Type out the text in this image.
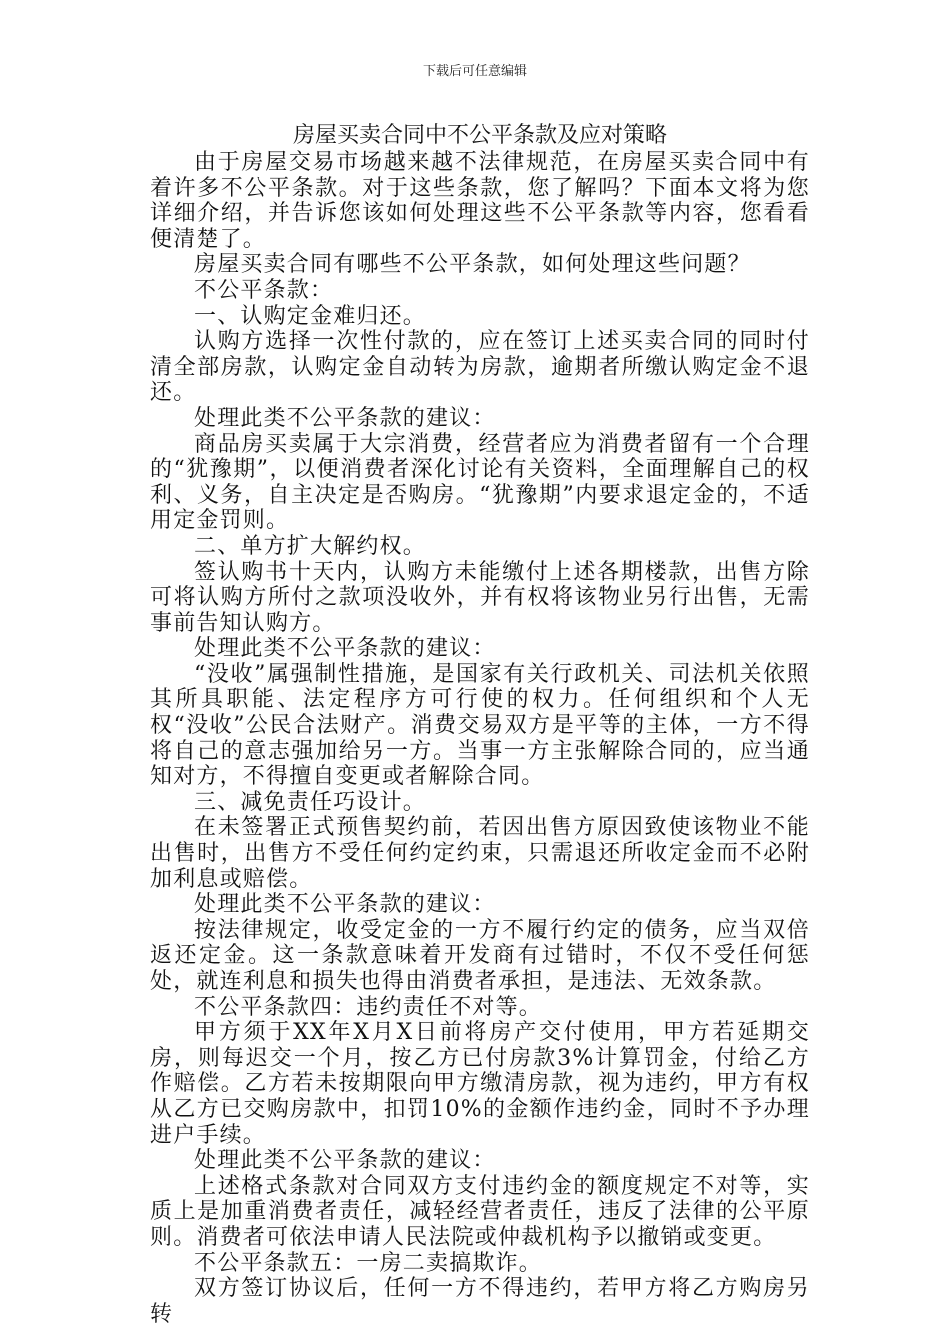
下载后可任意编辑
房屋买卖合同中不公平条款及应对策略

由于房屋交易市场越来越不法律规范，在房屋买卖合同中有着许多不公平条款。对于这些条款，您了解吗？下面本文将为您详细介绍，并告诉您该如何处理这些不公平条款等内容，您看看便清楚了。

房屋买卖合同有哪些不公平条款，如何处理这些问题？

不公平条款：

一、认购定金难归还。

认购方选择一次性付款的，应在签订上述买卖合同的同时付清全部房款，认购定金自动转为房款，逾期者所缴认购定金不退还。

处理此类不公平条款的建议：

商品房买卖属于大宗消费，经营者应为消费者留有一个合理的“犹豫期”，以便消费者深化讨论有关资料，全面理解自己的权利、义务，自主决定是否购房。“犹豫期”内要求退定金的，不适用定金罚则。

二、单方扩大解约权。

签认购书十天内，认购方未能缴付上述各期楼款，出售方除可将认购方所付之款项没收外，并有权将该物业另行出售，无需事前告知认购方。

处理此类不公平条款的建议：

“没收”属强制性措施，是国家有关行政机关、司法机关依照其所具职能、法定程序方可行使的权力。任何组织和个人无权“没收”公民合法财产。消费交易双方是平等的主体，一方不得将自己的意志强加给另一方。当事一方主张解除合同的，应当通知对方，不得擅自变更或者解除合同。

三、减免责任巧设计。

在未签署正式预售契约前，若因出售方原因致使该物业不能出售时，出售方不受任何约定约束，只需退还所收定金而不必附加利息或赔偿。

处理此类不公平条款的建议：

按法律规定，收受定金的一方不履行约定的债务，应当双倍返还定金。这一条款意味着开发商有过错时，不仅不受任何惩处，就连利息和损失也得由消费者承担，是违法、无效条款。

不公平条款四：违约责任不对等。

甲方须于XX年X月X日前将房产交付使用，甲方若延期交房，则每迟交一个月，按乙方已付房款3%计算罚金，付给乙方作赔偿。乙方若未按期限向甲方缴清房款，视为违约，甲方有权从乙方已交购房款中，扣罚10%的金额作违约金，同时不予办理进户手续。

处理此类不公平条款的建议：

上述格式条款对合同双方支付违约金的额度规定不对等，实质上是加重消费者责任，减轻经营者责任，违反了法律的公平原则。消费者可依法申请人民法院或仲裁机构予以撤销或变更。

不公平条款五：一房二卖搞欺诈。

双方签订协议后，任何一方不得违约，若甲方将乙方购房另转
